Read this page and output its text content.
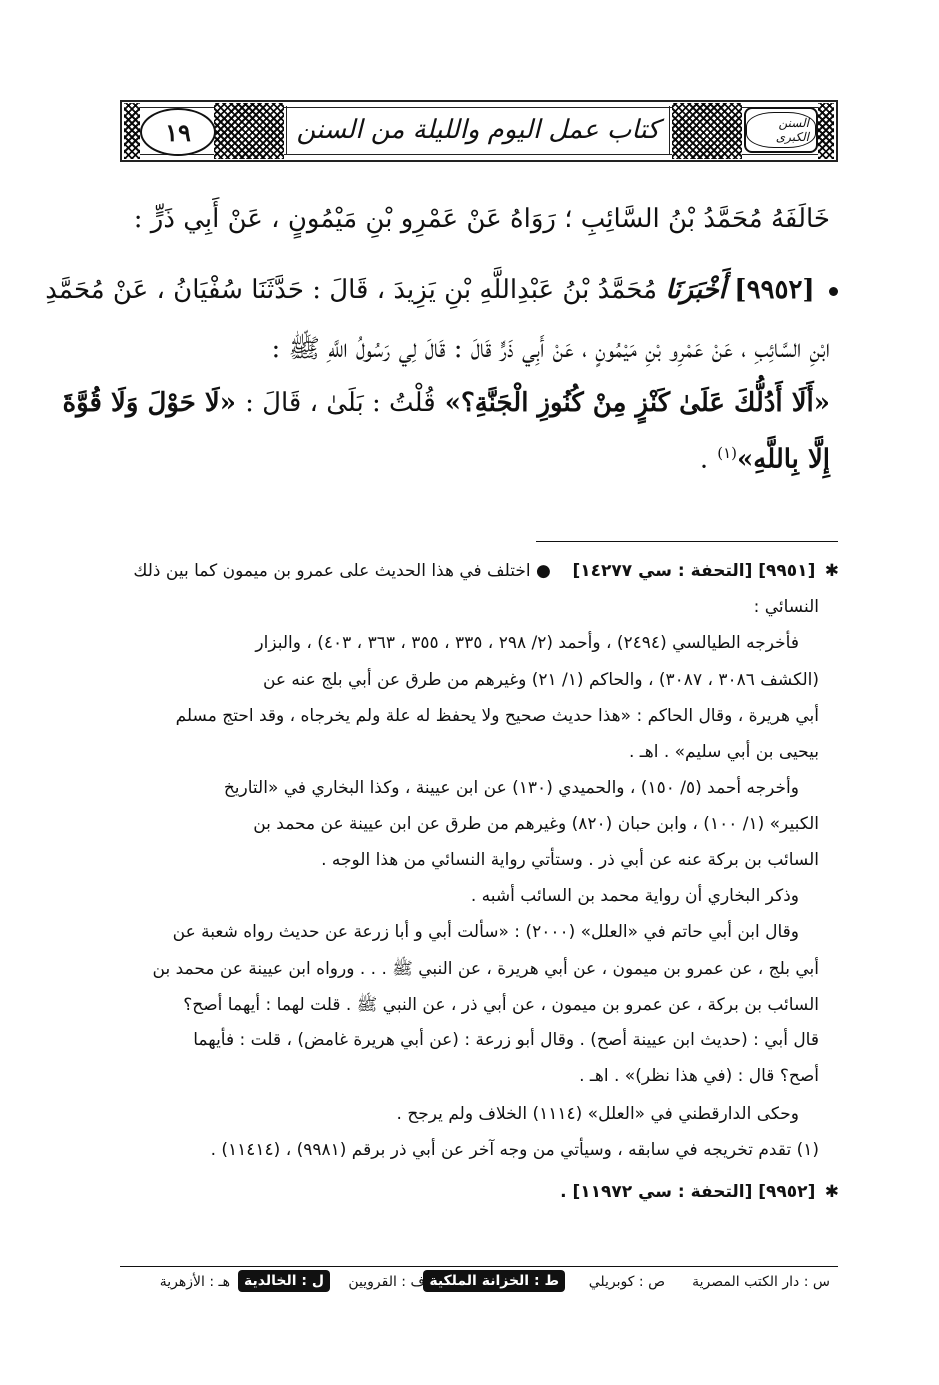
١٩	كتاب عمل اليوم والليلة من السنن	السنن الكبرى
خَالَفَهُ مُحَمَّدُ بْنُ السَّائِبِ ؛ رَوَاهُ عَنْ عَمْرِو بْنِ مَيْمُونٍ ، عَنْ أَبِي ذَرٍّ :
[٩٩٥٢] أَخْبَرَنَا مُحَمَّدُ بْنُ عَبْدِاللَّهِ بْنِ يَزِيدَ ، قَالَ : حَدَّثَنَا سُفْيَانُ ، عَنْ مُحَمَّدِ
ابْنِ السَّائِبِ ، عَنْ عَمْرِو بْنِ مَيْمُونٍ ، عَنْ أَبِي ذَرٍّ قَالَ : قَالَ لِي رَسُولُ اللَّهِ ﷺ :
«أَلَا أَدُلُّكَ عَلَىٰ كَنْزٍ مِنْ كُنُوزِ الْجَنَّةِ؟» قُلْتُ : بَلَىٰ ، قَالَ : «لَا حَوْلَ وَلَا قُوَّةَ
إِلَّا بِاللَّهِ»$^{(١)}$ .
✱ [٩٩٥١] [التحفة : سي ١٤٢٧٧]    ● اختلف في هذا الحديث على عمرو بن ميمون كما بين ذلك
النسائي :
فأخرجه الطيالسي (٢٤٩٤) ، وأحمد (٢/ ٢٩٨ ، ٣٣٥ ، ٣٥٥ ، ٣٦٣ ، ٤٠٣) ، والبزار
(الكشف ٣٠٨٦ ، ٣٠٨٧) ، والحاكم (١/ ٢١) وغيرهم من طرق عن أبي بلج عنه عن
أبي هريرة ، وقال الحاكم : «هذا حديث صحيح ولا يحفظ له علة ولم يخرجاه ، وقد احتج مسلم
بيحيى بن أبي سليم» . اهـ .
وأخرجه أحمد (٥/ ١٥٠) ، والحميدي (١٣٠) عن ابن عيينة ، وكذا البخاري في «التاريخ
الكبير» (١/ ١٠٠) ، وابن حبان (٨٢٠) وغيرهم من طرق عن ابن عيينة عن محمد بن
السائب بن بركة عنه عن أبي ذر . وستأتي رواية النسائي من هذا الوجه .
وذكر البخاري أن رواية محمد بن السائب أشبه .
وقال ابن أبي حاتم في «العلل» (٢٠٠٠) : «سألت أبي و أبا زرعة عن حديث رواه شعبة عن
أبي بلج ، عن عمرو بن ميمون ، عن أبي هريرة ، عن النبي ﷺ . . . ورواه ابن عيينة عن محمد بن
السائب بن بركة ، عن عمرو بن ميمون ، عن أبي ذر ، عن النبي ﷺ . قلت لهما : أيهما أصح؟
قال أبي : (حديث ابن عيينة أصح) . وقال أبو زرعة : (عن أبي هريرة غامض) ، قلت : فأيهما
أصح؟ قال : (في هذا نظر)» . اهـ .
وحكى الدارقطني في «العلل» (١١١٤) الخلاف ولم يرجح .
(١) تقدم تخريجه في سابقه ، وسيأتي من وجه آخر عن أبي ذر برقم (٩٩٨١) ، (١١٤١٤) .
✱ [٩٩٥٢] [التحفة : سي ١١٩٧٢] .
س : دار الكتب المصرية
ص : كوبريلي
ط : الخزانة الملكية
ف : القرويين
ل : الخالدية
هـ : الأزهرية
